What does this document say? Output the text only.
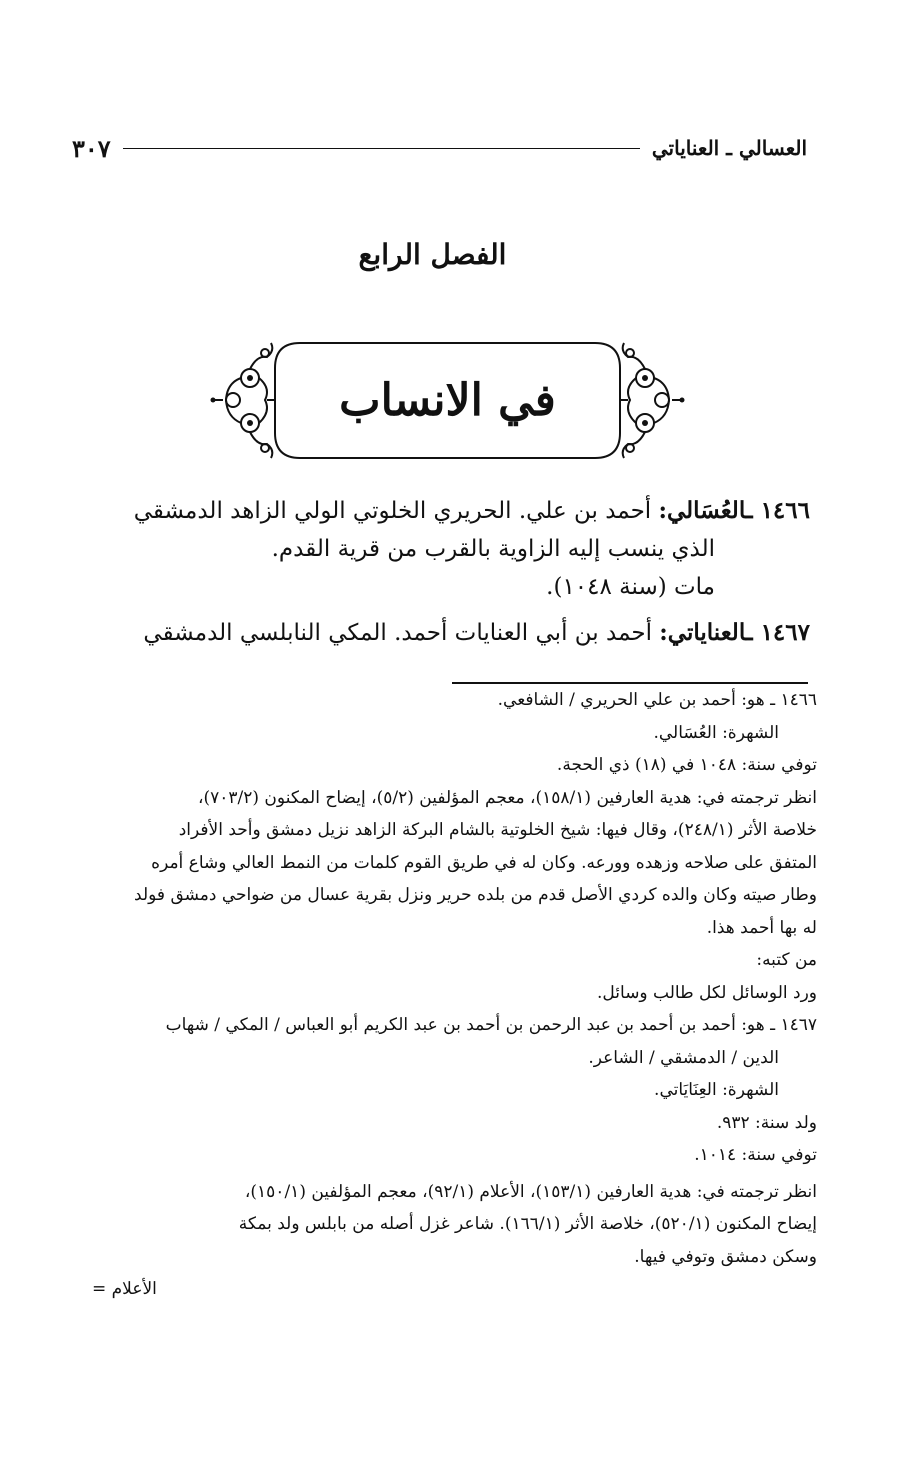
العسالي ـ العناياتي
٣٠٧
الفصل الرابع
في الانساب

١٤٦٦ ـالعُسَالي: أحمد بن علي. الحريري الخلوتي الولي الزاهد الدمشقي

الذي ينسب إليه الزاوية بالقرب من قرية القدم.

مات (سنة ١٠٤٨).

١٤٦٧ ـالعناياتي: أحمد بن أبي العنايات أحمد. المكي النابلسي الدمشقي

١٤٦٦ ـ هو: أحمد بن علي الحريري / الشافعي.

الشهرة: العُسَالي.

توفي سنة: ١٠٤٨ في (١٨) ذي الحجة.

انظر ترجمته في: هدية العارفين (١٥٨/١)، معجم المؤلفين (٥/٢)، إيضاح المكنون (٧٠٣/٢)،

خلاصة الأثر (٢٤٨/١)، وقال فيها: شيخ الخلوتية بالشام البركة الزاهد نزيل دمشق وأحد الأفراد

المتفق على صلاحه وزهده وورعه. وكان له في طريق القوم كلمات من النمط العالي وشاع أمره

وطار صيته وكان والده كردي الأصل قدم من بلده حرير ونزل بقرية عسال من ضواحي دمشق فولد

له بها أحمد هذا.

من كتبه:

ورد الوسائل لكل طالب وسائل.

١٤٦٧ ـ هو: أحمد بن أحمد بن عبد الرحمن بن أحمد بن عبد الكريم أبو العباس / المكي / شهاب

الدين / الدمشقي / الشاعر.

الشهرة: العِنَايَاتي.

ولد سنة: ٩٣٢.

توفي سنة: ١٠١٤.

انظر ترجمته في: هدية العارفين (١٥٣/١)، الأعلام (٩٢/١)، معجم المؤلفين (١٥٠/١)،

إيضاح المكنون (٥٢٠/١)، خلاصة الأثر (١٦٦/١). شاعر غزل أصله من بابلس ولد بمكة

وسكن دمشق وتوفي فيها.

الأعلام =
